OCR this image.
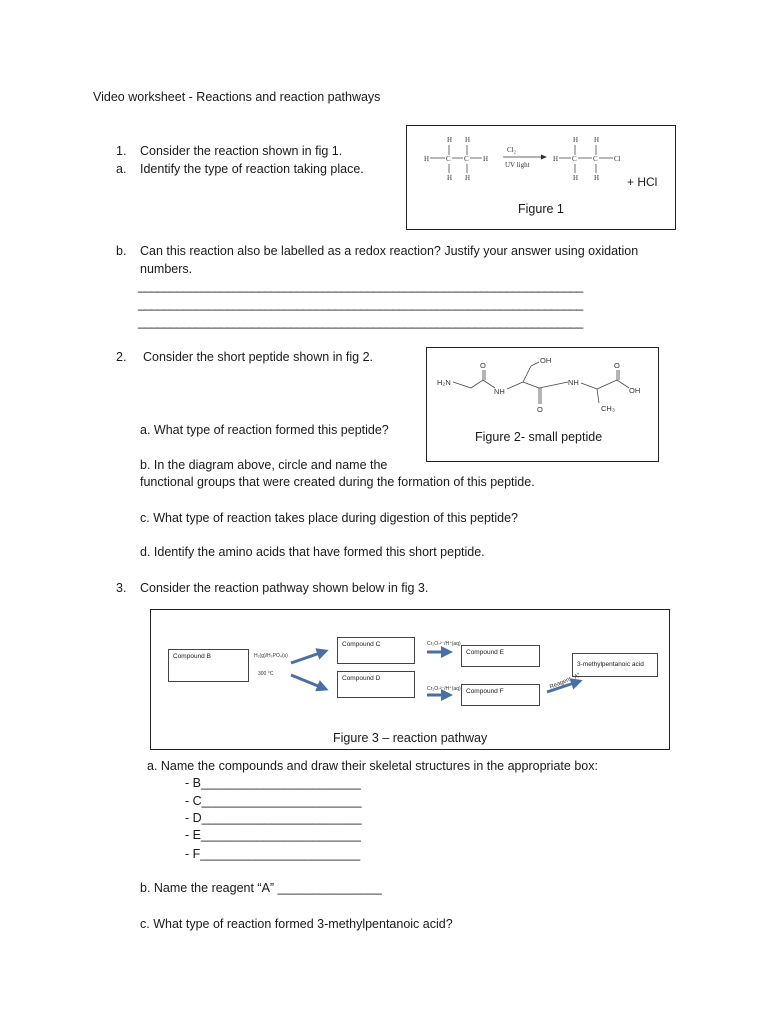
Video worksheet - Reactions and reaction pathways
1. Consider the reaction shown in fig 1.
a. Identify the type of reaction taking place.
H H
H C C H
H H
Cl₂
UV light
H H
H C C Cl
H H + HCl
Figure 1
b. Can this reaction also be labelled as a redox reaction? Justify your answer using oxidation
numbers.
______________________________________________________________________
______________________________________________________________________
______________________________________________________________________
2. Consider the short peptide shown in fig 2.
H₂N
O
NH
OH
O
NH
CH₃
O
OH
Figure 2- small peptide
a. What type of reaction formed this peptide?
b. In the diagram above, circle and name the
functional groups that were created during the formation of this peptide.
c. What type of reaction takes place during digestion of this peptide?
d. Identify the amino acids that have formed this short peptide.
3. Consider the reaction pathway shown below in fig 3.
Compound B	H₂(g)/H₃PO₄(s)
300 °C
Compound C
Compound D
Cr₂O₇²⁻/H⁺(aq)
Cr₂O₇²⁻/H⁺(aq)
Compound E
Compound F
3-methylpentanoic acid
Reagent “A”
Figure 3 – reaction pathway
a. Name the compounds and draw their skeletal structures in the appropriate box:
- B_______________________
- C_______________________
- D_______________________
- E_______________________
- F_______________________
b. Name the reagent “A” _______________
c. What type of reaction formed 3-methylpentanoic acid?
